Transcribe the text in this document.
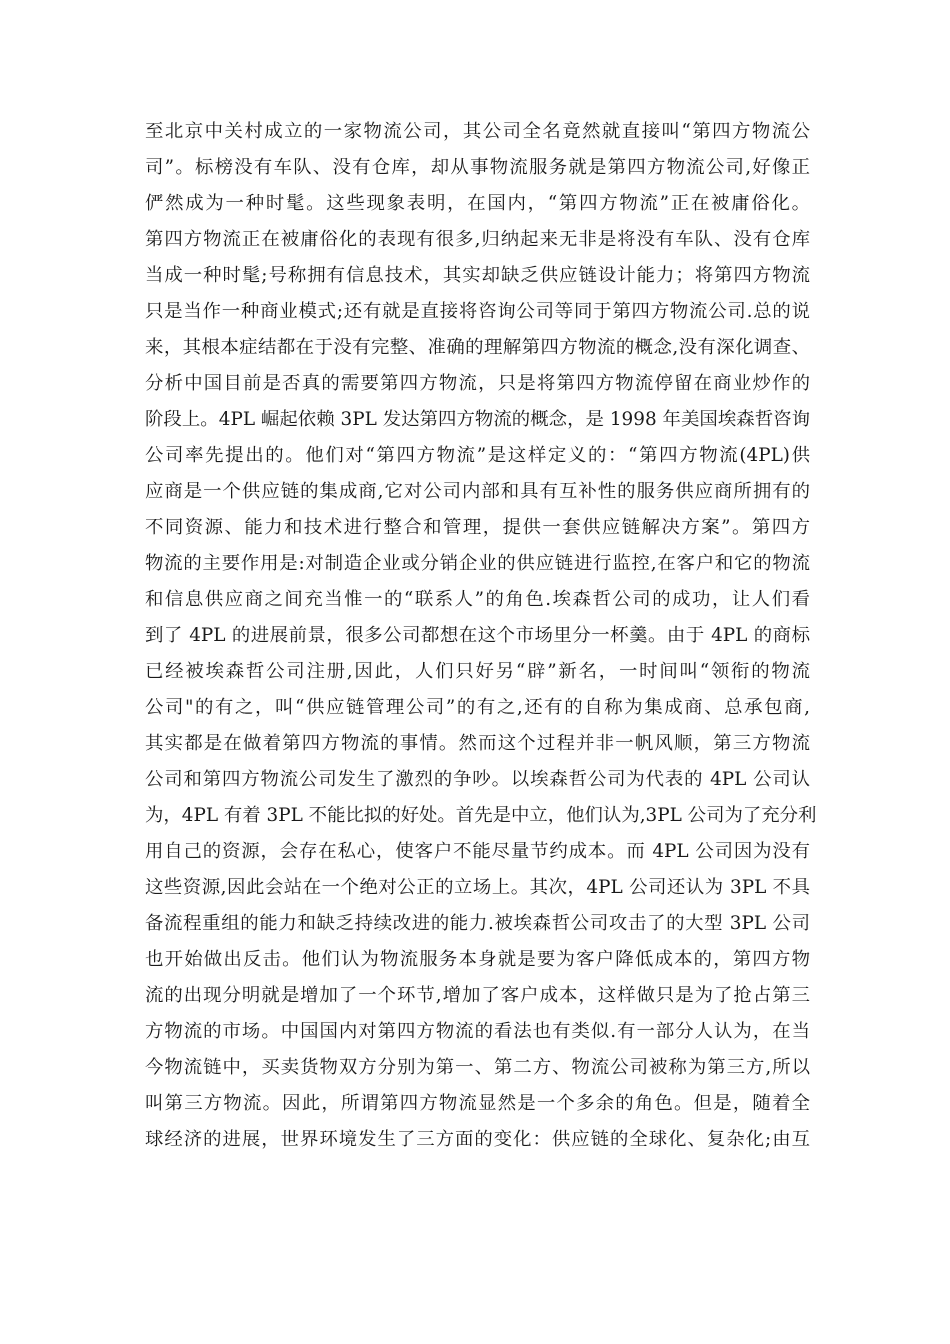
至北京中关村成立的一家物流公司，其公司全名竟然就直接叫“第四方物流公
司”。标榜没有车队、没有仓库，却从事物流服务就是第四方物流公司,好像正
俨然成为一种时髦。这些现象表明，在国内，“第四方物流”正在被庸俗化。
第四方物流正在被庸俗化的表现有很多,归纳起来无非是将没有车队、没有仓库
当成一种时髦;号称拥有信息技术，其实却缺乏供应链设计能力；将第四方物流
只是当作一种商业模式;还有就是直接将咨询公司等同于第四方物流公司.总的说
来，其根本症结都在于没有完整、准确的理解第四方物流的概念,没有深化调查、
分析中国目前是否真的需要第四方物流，只是将第四方物流停留在商业炒作的
阶段上。4PL 崛起依赖 3PL 发达第四方物流的概念，是 1998 年美国埃森哲咨询
公司率先提出的。他们对“第四方物流”是这样定义的：“第四方物流(4PL)供
应商是一个供应链的集成商,它对公司内部和具有互补性的服务供应商所拥有的
不同资源、能力和技术进行整合和管理，提供一套供应链解决方案”。第四方
物流的主要作用是:对制造企业或分销企业的供应链进行监控,在客户和它的物流
和信息供应商之间充当惟一的“联系人”的角色.埃森哲公司的成功，让人们看
到了 4PL 的进展前景，很多公司都想在这个市场里分一杯羹。由于 4PL 的商标
已经被埃森哲公司注册,因此，人们只好另“辟”新名，一时间叫“领衔的物流
公司"的有之，叫“供应链管理公司”的有之,还有的自称为集成商、总承包商,
其实都是在做着第四方物流的事情。然而这个过程并非一帆风顺，第三方物流
公司和第四方物流公司发生了激烈的争吵。以埃森哲公司为代表的 4PL 公司认
为，4PL 有着 3PL 不能比拟的好处。首先是中立，他们认为,3PL 公司为了充分利
用自己的资源，会存在私心，使客户不能尽量节约成本。而 4PL 公司因为没有
这些资源,因此会站在一个绝对公正的立场上。其次，4PL 公司还认为 3PL 不具
备流程重组的能力和缺乏持续改进的能力.被埃森哲公司攻击了的大型 3PL 公司
也开始做出反击。他们认为物流服务本身就是要为客户降低成本的，第四方物
流的出现分明就是增加了一个环节,增加了客户成本，这样做只是为了抢占第三
方物流的市场。中国国内对第四方物流的看法也有类似.有一部分人认为，在当
今物流链中，买卖货物双方分别为第一、第二方、物流公司被称为第三方,所以
叫第三方物流。因此，所谓第四方物流显然是一个多余的角色。但是，随着全
球经济的进展，世界环境发生了三方面的变化：供应链的全球化、复杂化;由互
